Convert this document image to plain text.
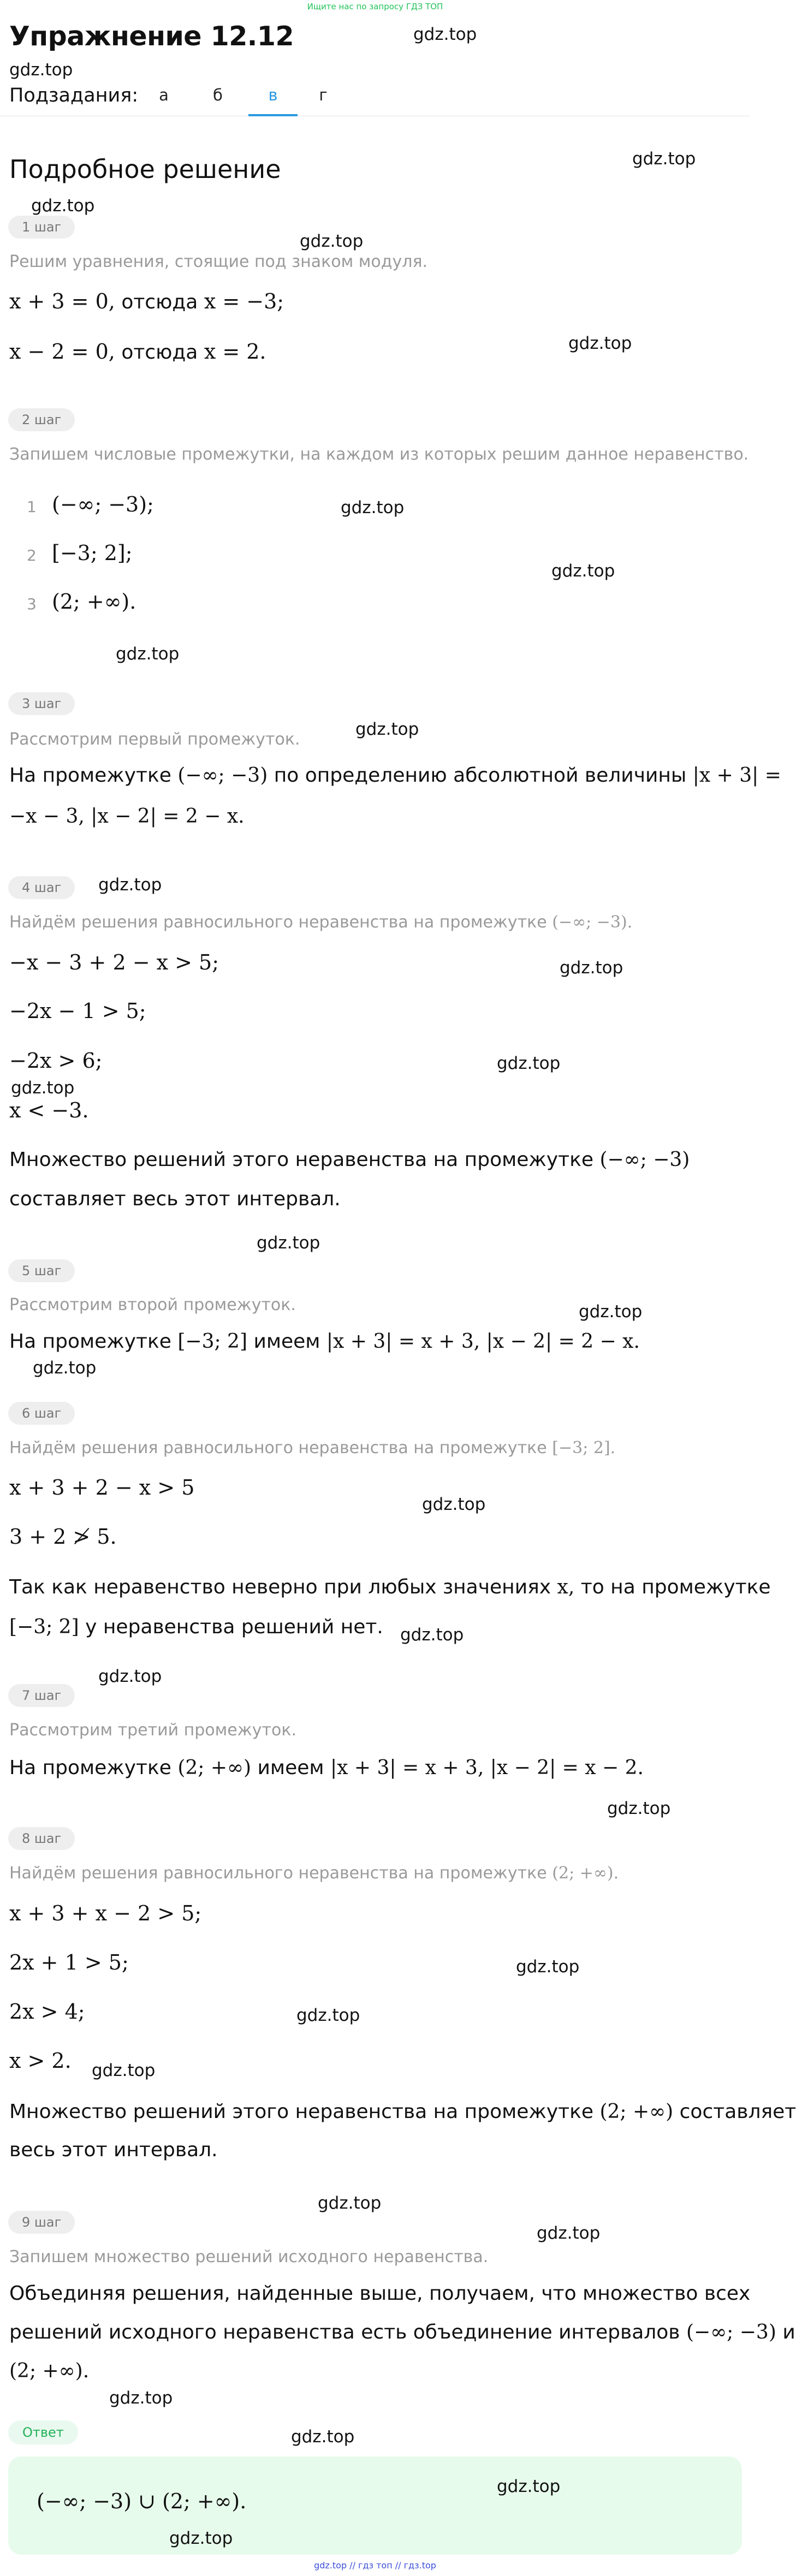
Ищите нас по запросу ГДЗ ТОП
Упражнение 12.12	gdz.top
gdz.top
Подзадания:	а	б	в	г
Подробное решение	gdz.top
gdz.top
1 шаг
gdz.top
Решим уравнения, стоящие под знаком модуля.
x + 3 = 0, отсюда x = −3;
gdz.top
x − 2 = 0, отсюда x = 2.
2 шаг
Запишем числовые промежутки, на каждом из которых решим данное неравенство.
1 (−∞; −3);	gdz.top
2 [−3; 2];
gdz.top
3 (2; +∞).
gdz.top
3 шаг
gdz.top
Рассмотрим первый промежуток.
На промежутке (−∞; −3) по определению абсолютной величины |x + 3| =
−x − 3, |x − 2| = 2 − x.
4 шаг	gdz.top
Найдём решения равносильного неравенства на промежутке (−∞; −3).
−x − 3 + 2 − x > 5;	gdz.top
−2x − 1 > 5;
−2x > 6;	gdz.top
gdz.top
x < −3.
Множество решений этого неравенства на промежутке (−∞; −3)
составляет весь этот интервал.
gdz.top
5 шаг
gdz.top
Рассмотрим второй промежуток.
На промежутке [−3; 2] имеем |x + 3| = x + 3, |x − 2| = 2 − x.
gdz.top
6 шаг
Найдём решения равносильного неравенства на промежутке [−3; 2].
x + 3 + 2 − x > 5
gdz.top
3 + 2 ≯ 5.
Так как неравенство неверно при любых значениях x, то на промежутке
[−3; 2] у неравенства решений нет. gdz.top
gdz.top
7 шаг
Рассмотрим третий промежуток.
На промежутке (2; +∞) имеем |x + 3| = x + 3, |x − 2| = x − 2.
gdz.top
8 шаг
Найдём решения равносильного неравенства на промежутке (2; +∞).
x + 3 + x − 2 > 5;
2x + 1 > 5;	gdz.top
2x > 4;	gdz.top
x > 2. gdz.top
Множество решений этого неравенства на промежутке (2; +∞) составляет
весь этот интервал.
gdz.top
9 шаг
gdz.top
Запишем множество решений исходного неравенства.
Объединяя решения, найденные выше, получаем, что множество всех
решений исходного неравенства есть объединение интервалов (−∞; −3) и
(2; +∞).
gdz.top
Ответ	gdz.top
gdz.top
(−∞; −3) ∪ (2; +∞).
gdz.top
gdz.top // гдз топ // гдз.top
